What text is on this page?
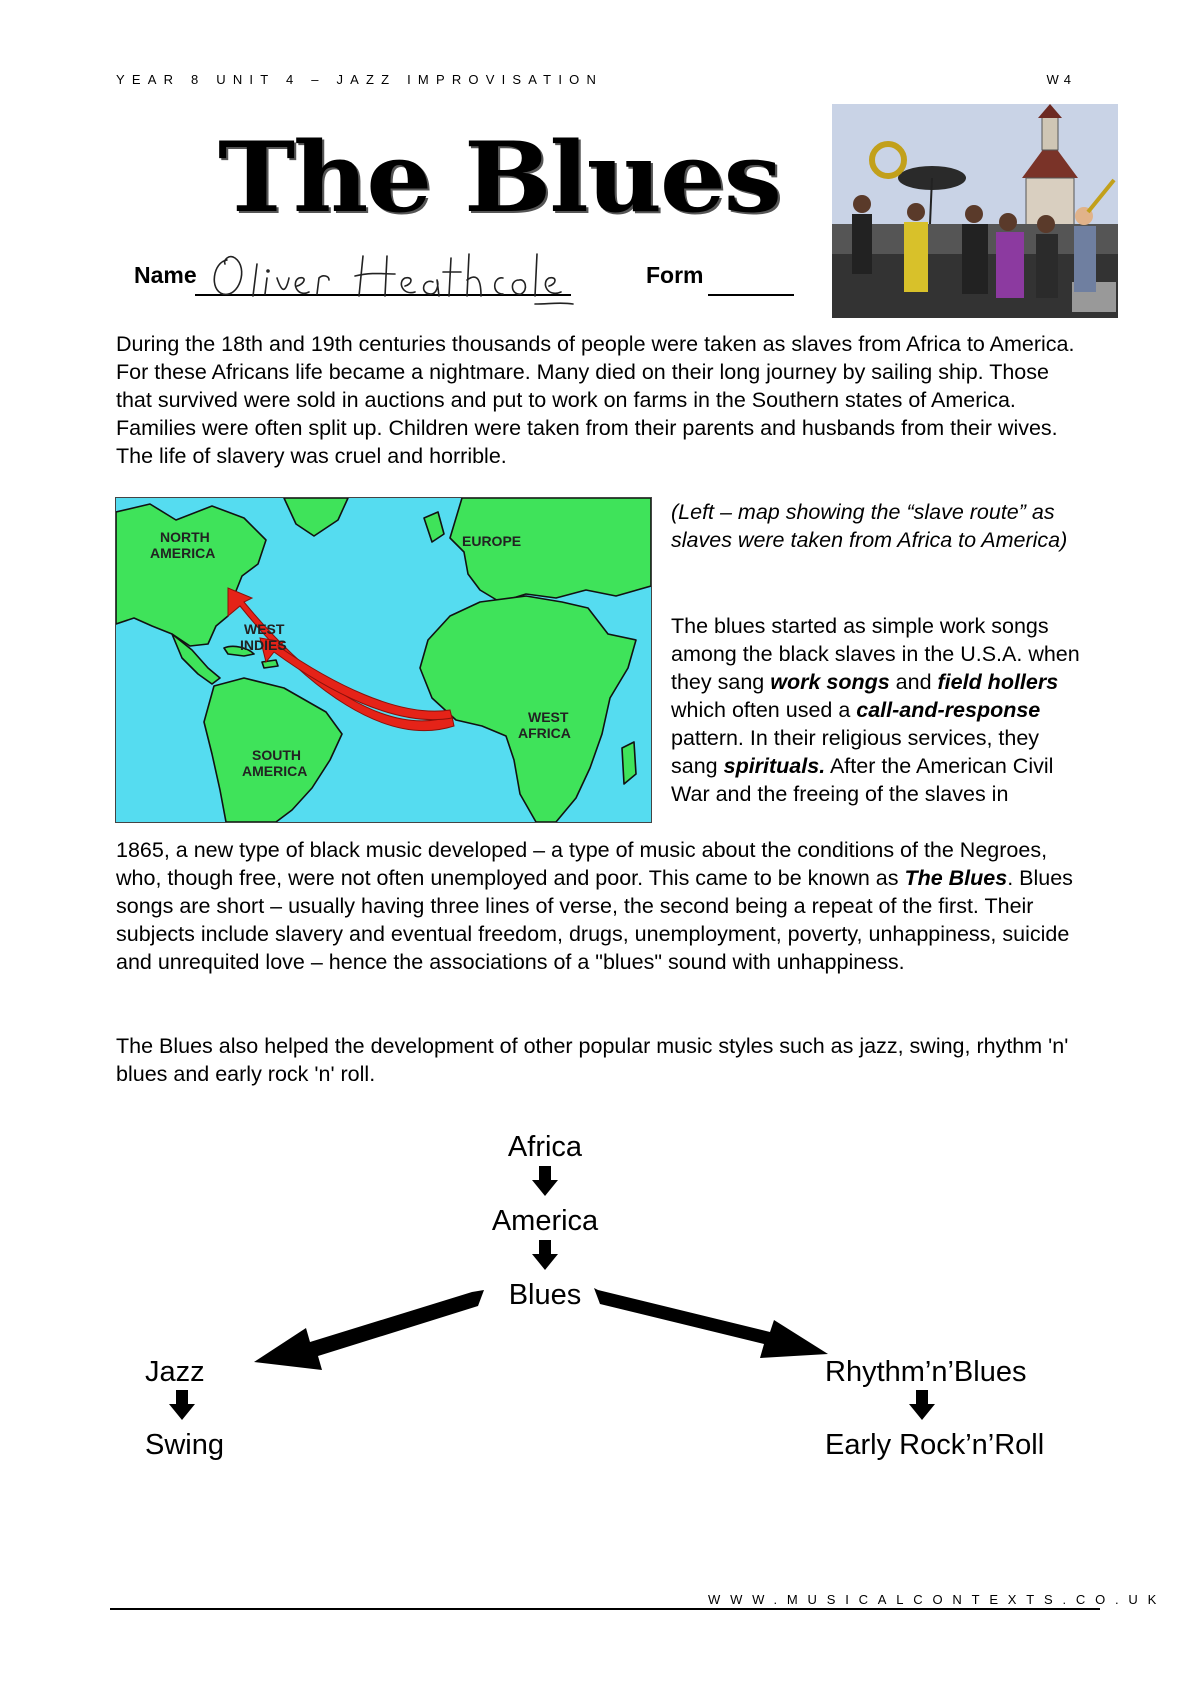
YEAR 8 UNIT 4 – JAZZ IMPROVISATION	W4
The Blues
Name	Form
During the 18th and 19th centuries thousands of people were taken as slaves from Africa to America. For these Africans life became a nightmare. Many died on their long journey by sailing ship. Those that survived were sold in auctions and put to work on farms in the Southern states of America. Families were often split up. Children were taken from their parents and husbands from their wives. The life of slavery was cruel and horrible.
NORTH
AMERICA
EUROPE
WEST
INDIES
SOUTH
AMERICA
WEST
AFRICA
(Left – map showing the “slave route” as slaves were taken from Africa to America)
The blues started as simple work songs among the black slaves in the U.S.A. when they sang work songs and field hollers which often used a call-and-response pattern. In their religious services, they sang spirituals. After the American Civil War and the freeing of the slaves in
1865, a new type of black music developed – a type of music about the conditions of the Negroes, who, though free, were not often unemployed and poor. This came to be known as The Blues. Blues songs are short – usually having three lines of verse, the second being a repeat of the first. Their subjects include slavery and eventual freedom, drugs, unemployment, poverty, unhappiness, suicide and unrequited love – hence the associations of a "blues" sound with unhappiness.
The Blues also helped the development of other popular music styles such as jazz, swing, rhythm 'n' blues and early rock 'n' roll.
Africa
America
Blues
Jazz
Swing
Rhythm’n’Blues
Early Rock’n’Roll
WWW.MUSICALCONTEXTS.CO.UK
